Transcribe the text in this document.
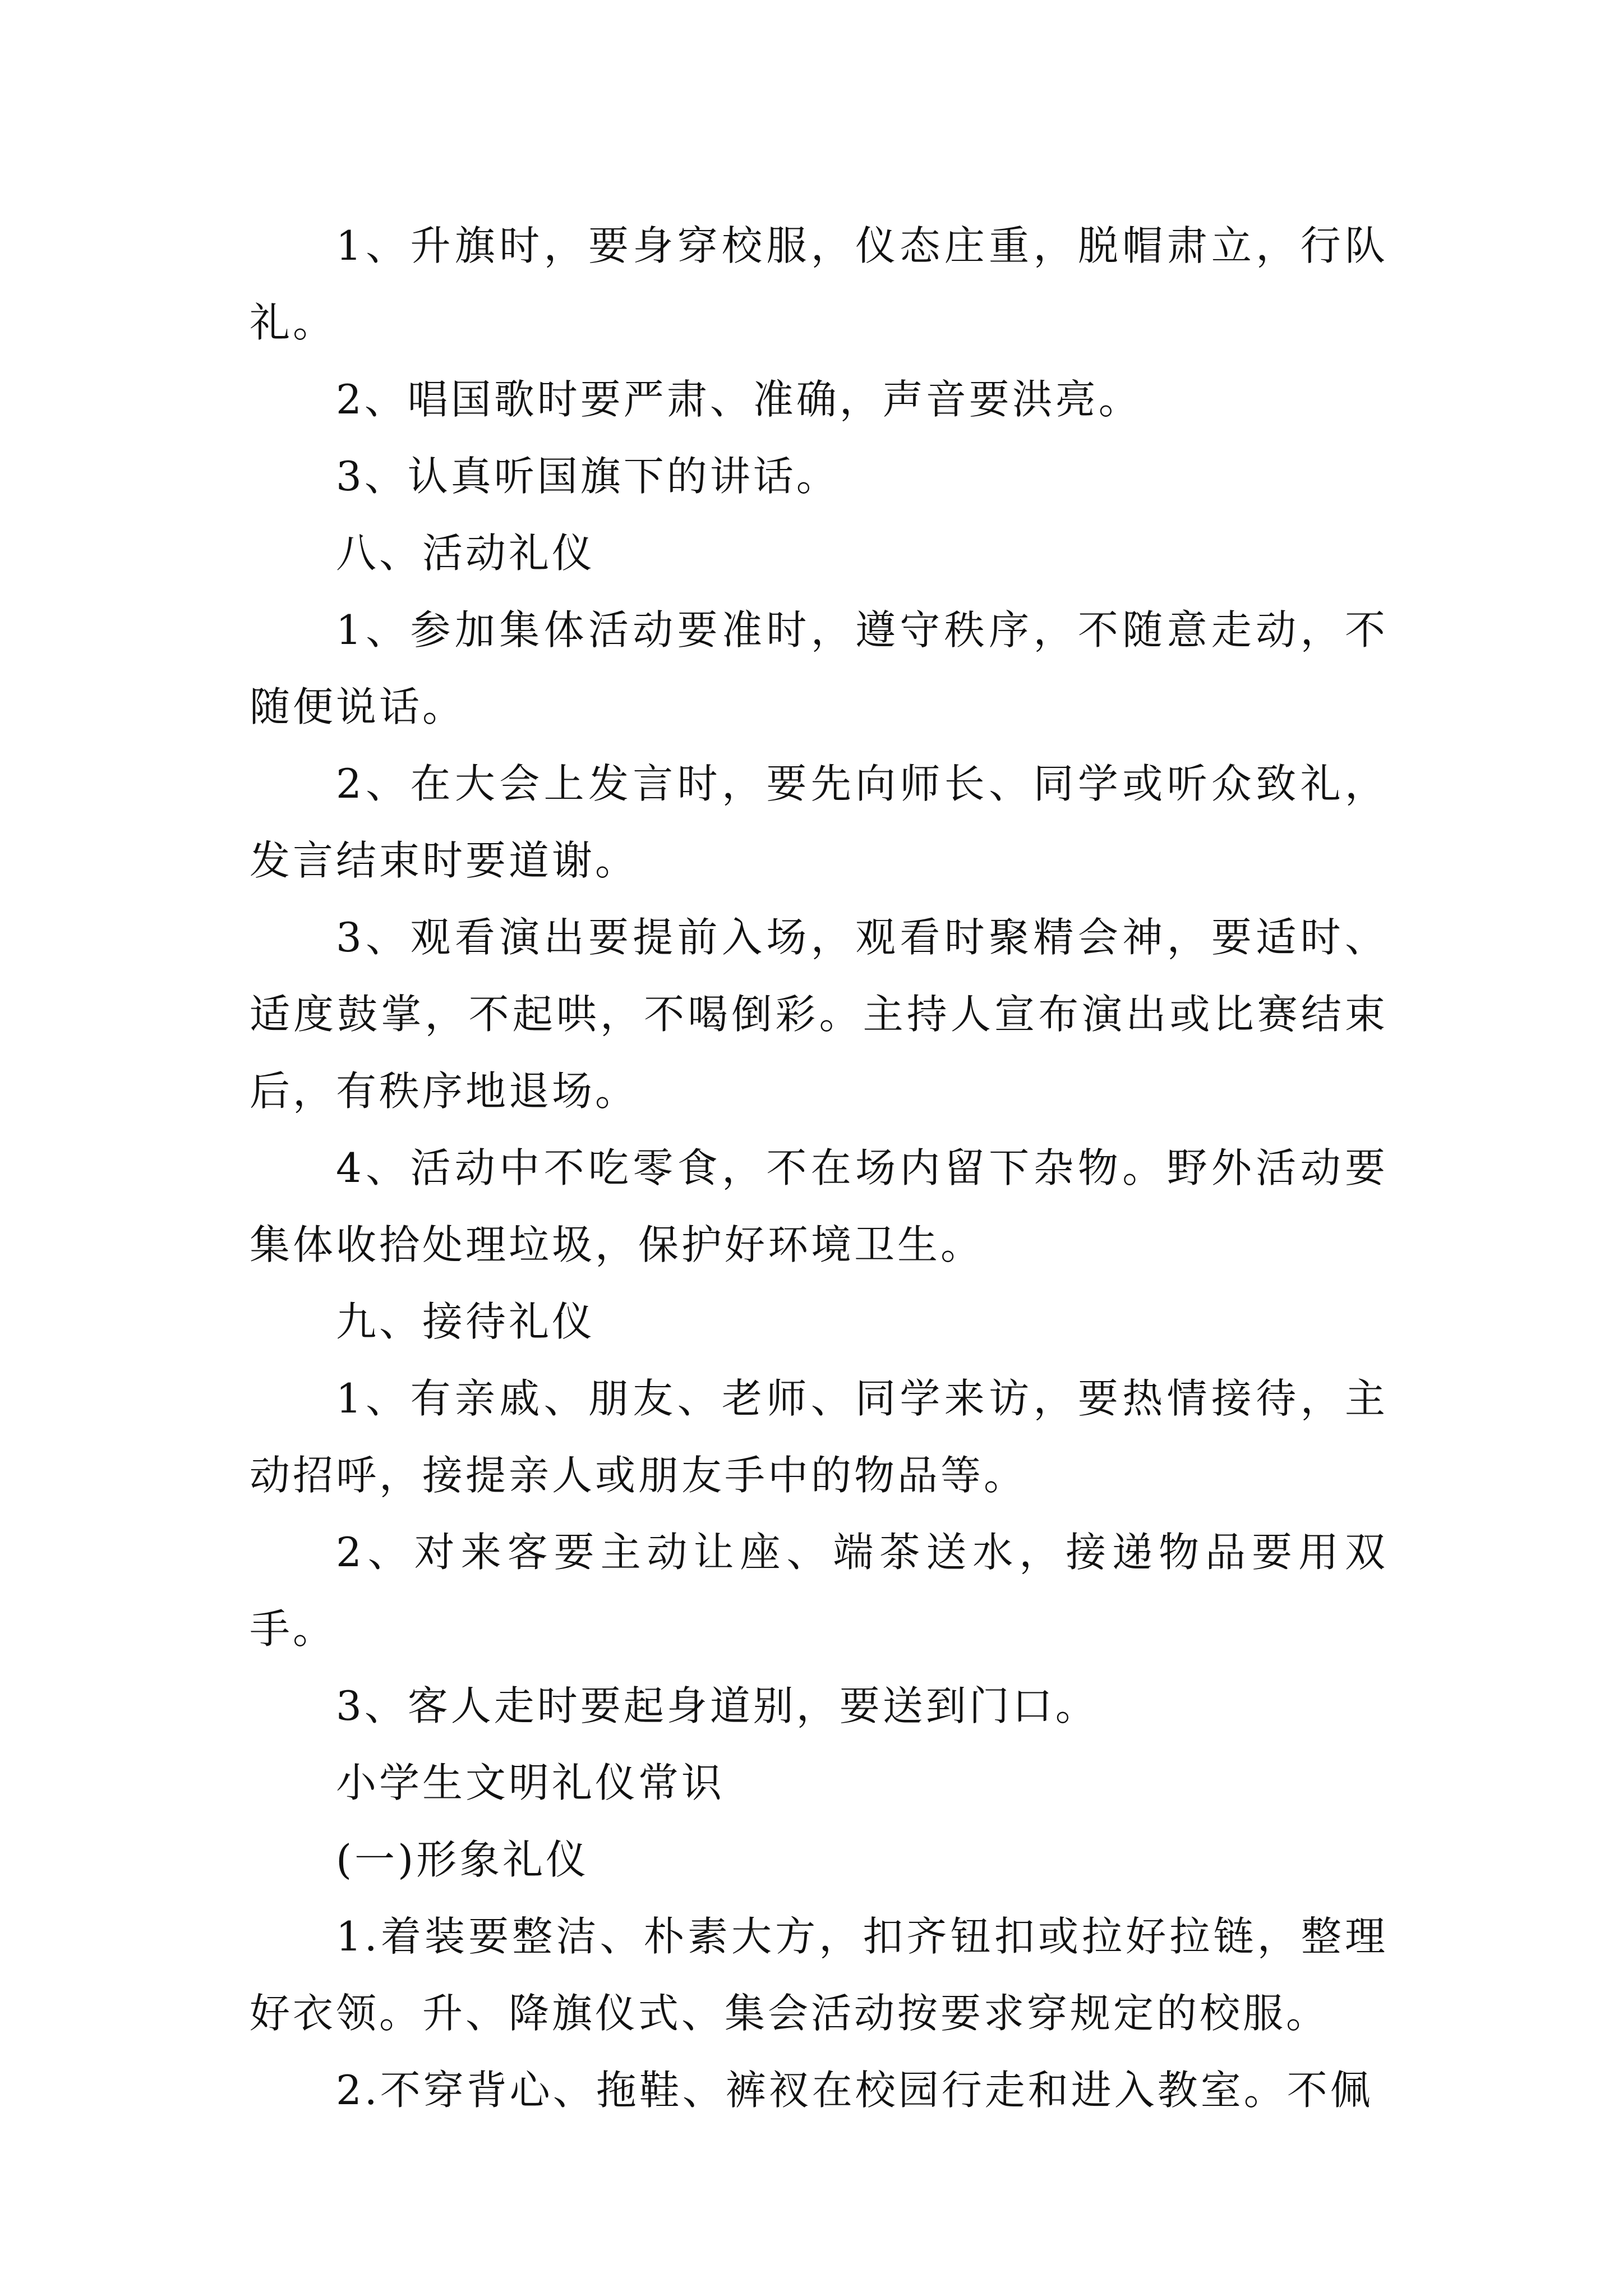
1、升旗时，要身穿校服，仪态庄重，脱帽肃立，行队礼。

2、唱国歌时要严肃、准确，声音要洪亮。

3、认真听国旗下的讲话。

八、活动礼仪

1、参加集体活动要准时，遵守秩序，不随意走动，不随便说话。

2、在大会上发言时，要先向师长、同学或听众致礼，发言结束时要道谢。

3、观看演出要提前入场，观看时聚精会神，要适时、适度鼓掌，不起哄，不喝倒彩。主持人宣布演出或比赛结束后，有秩序地退场。

4、活动中不吃零食，不在场内留下杂物。野外活动要集体收拾处理垃圾，保护好环境卫生。

九、接待礼仪

1、有亲戚、朋友、老师、同学来访，要热情接待，主动招呼，接提亲人或朋友手中的物品等。

2、对来客要主动让座、端茶送水，接递物品要用双手。

3、客人走时要起身道别，要送到门口。

小学生文明礼仪常识

(一)形象礼仪

1.着装要整洁、朴素大方，扣齐钮扣或拉好拉链，整理好衣领。升、降旗仪式、集会活动按要求穿规定的校服。

2.不穿背心、拖鞋、裤衩在校园行走和进入教室。不佩
